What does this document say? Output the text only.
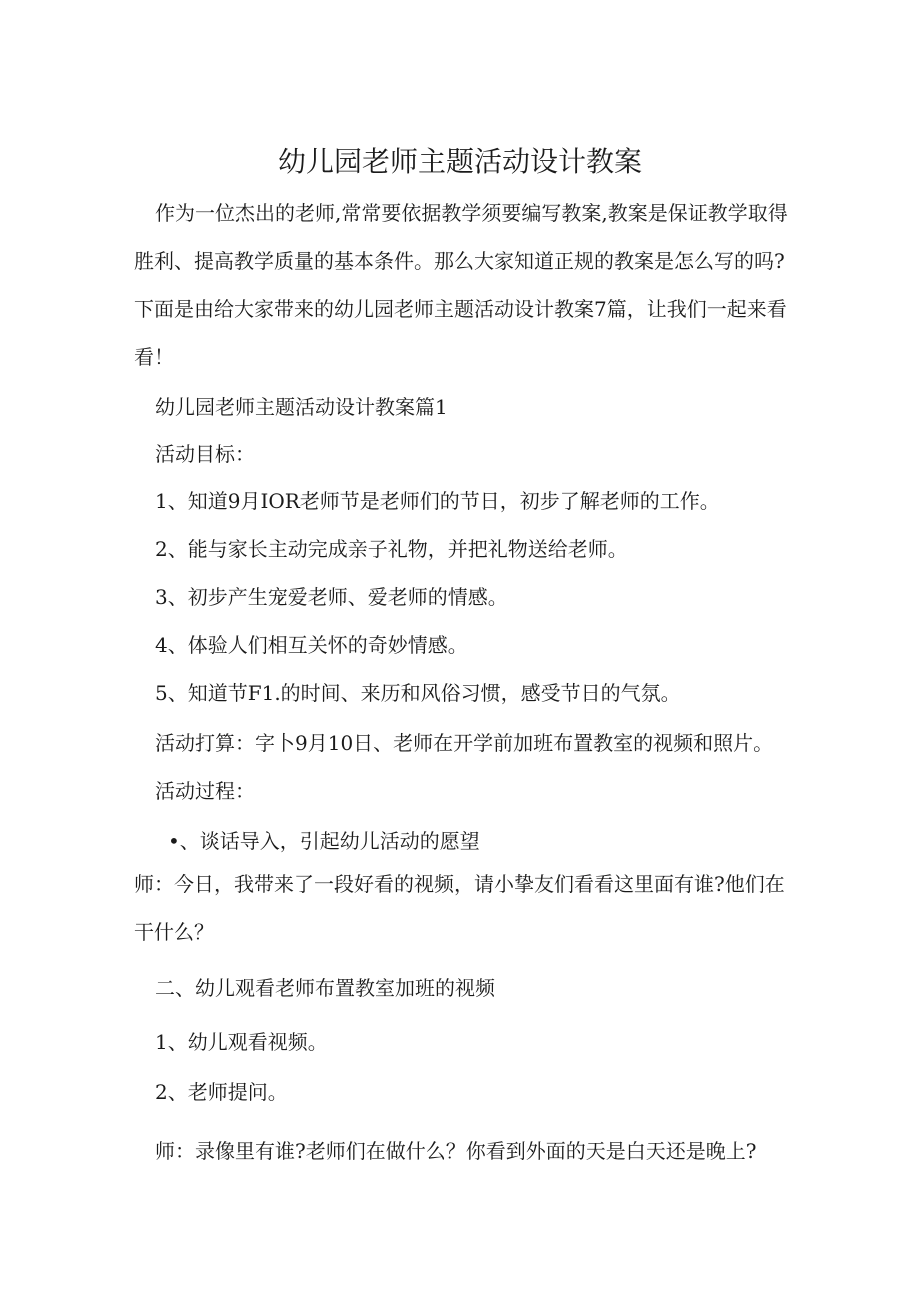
幼儿园老师主题活动设计教案

作为一位杰出的老师,常常要依据教学须要编写教案,教案是保证教学取得胜利、提高教学质量的基本条件。那么大家知道正规的教案是怎么写的吗?下面是由给大家带来的幼儿园老师主题活动设计教案7篇，让我们一起来看看！

幼儿园老师主题活动设计教案篇1
活动目标：
1、知道9月IOR老师节是老师们的节日，初步了解老师的工作。
2、能与家长主动完成亲子礼物，并把礼物送给老师。
3、初步产生宠爱老师、爱老师的情感。
4、体验人们相互关怀的奇妙情感。
5、知道节F1.的时间、来历和风俗习惯，感受节日的气氛。
活动打算：字卜9月10日、老师在开学前加班布置教室的视频和照片。
活动过程：
•、谈话导入，引起幼儿活动的愿望

师：今日，我带来了一段好看的视频，请小挚友们看看这里面有谁?他们在干什么？

二、幼儿观看老师布置教室加班的视频
1、幼儿观看视频。
2、老师提问。
师：录像里有谁?老师们在做什么？你看到外面的天是白天还是晚上?
